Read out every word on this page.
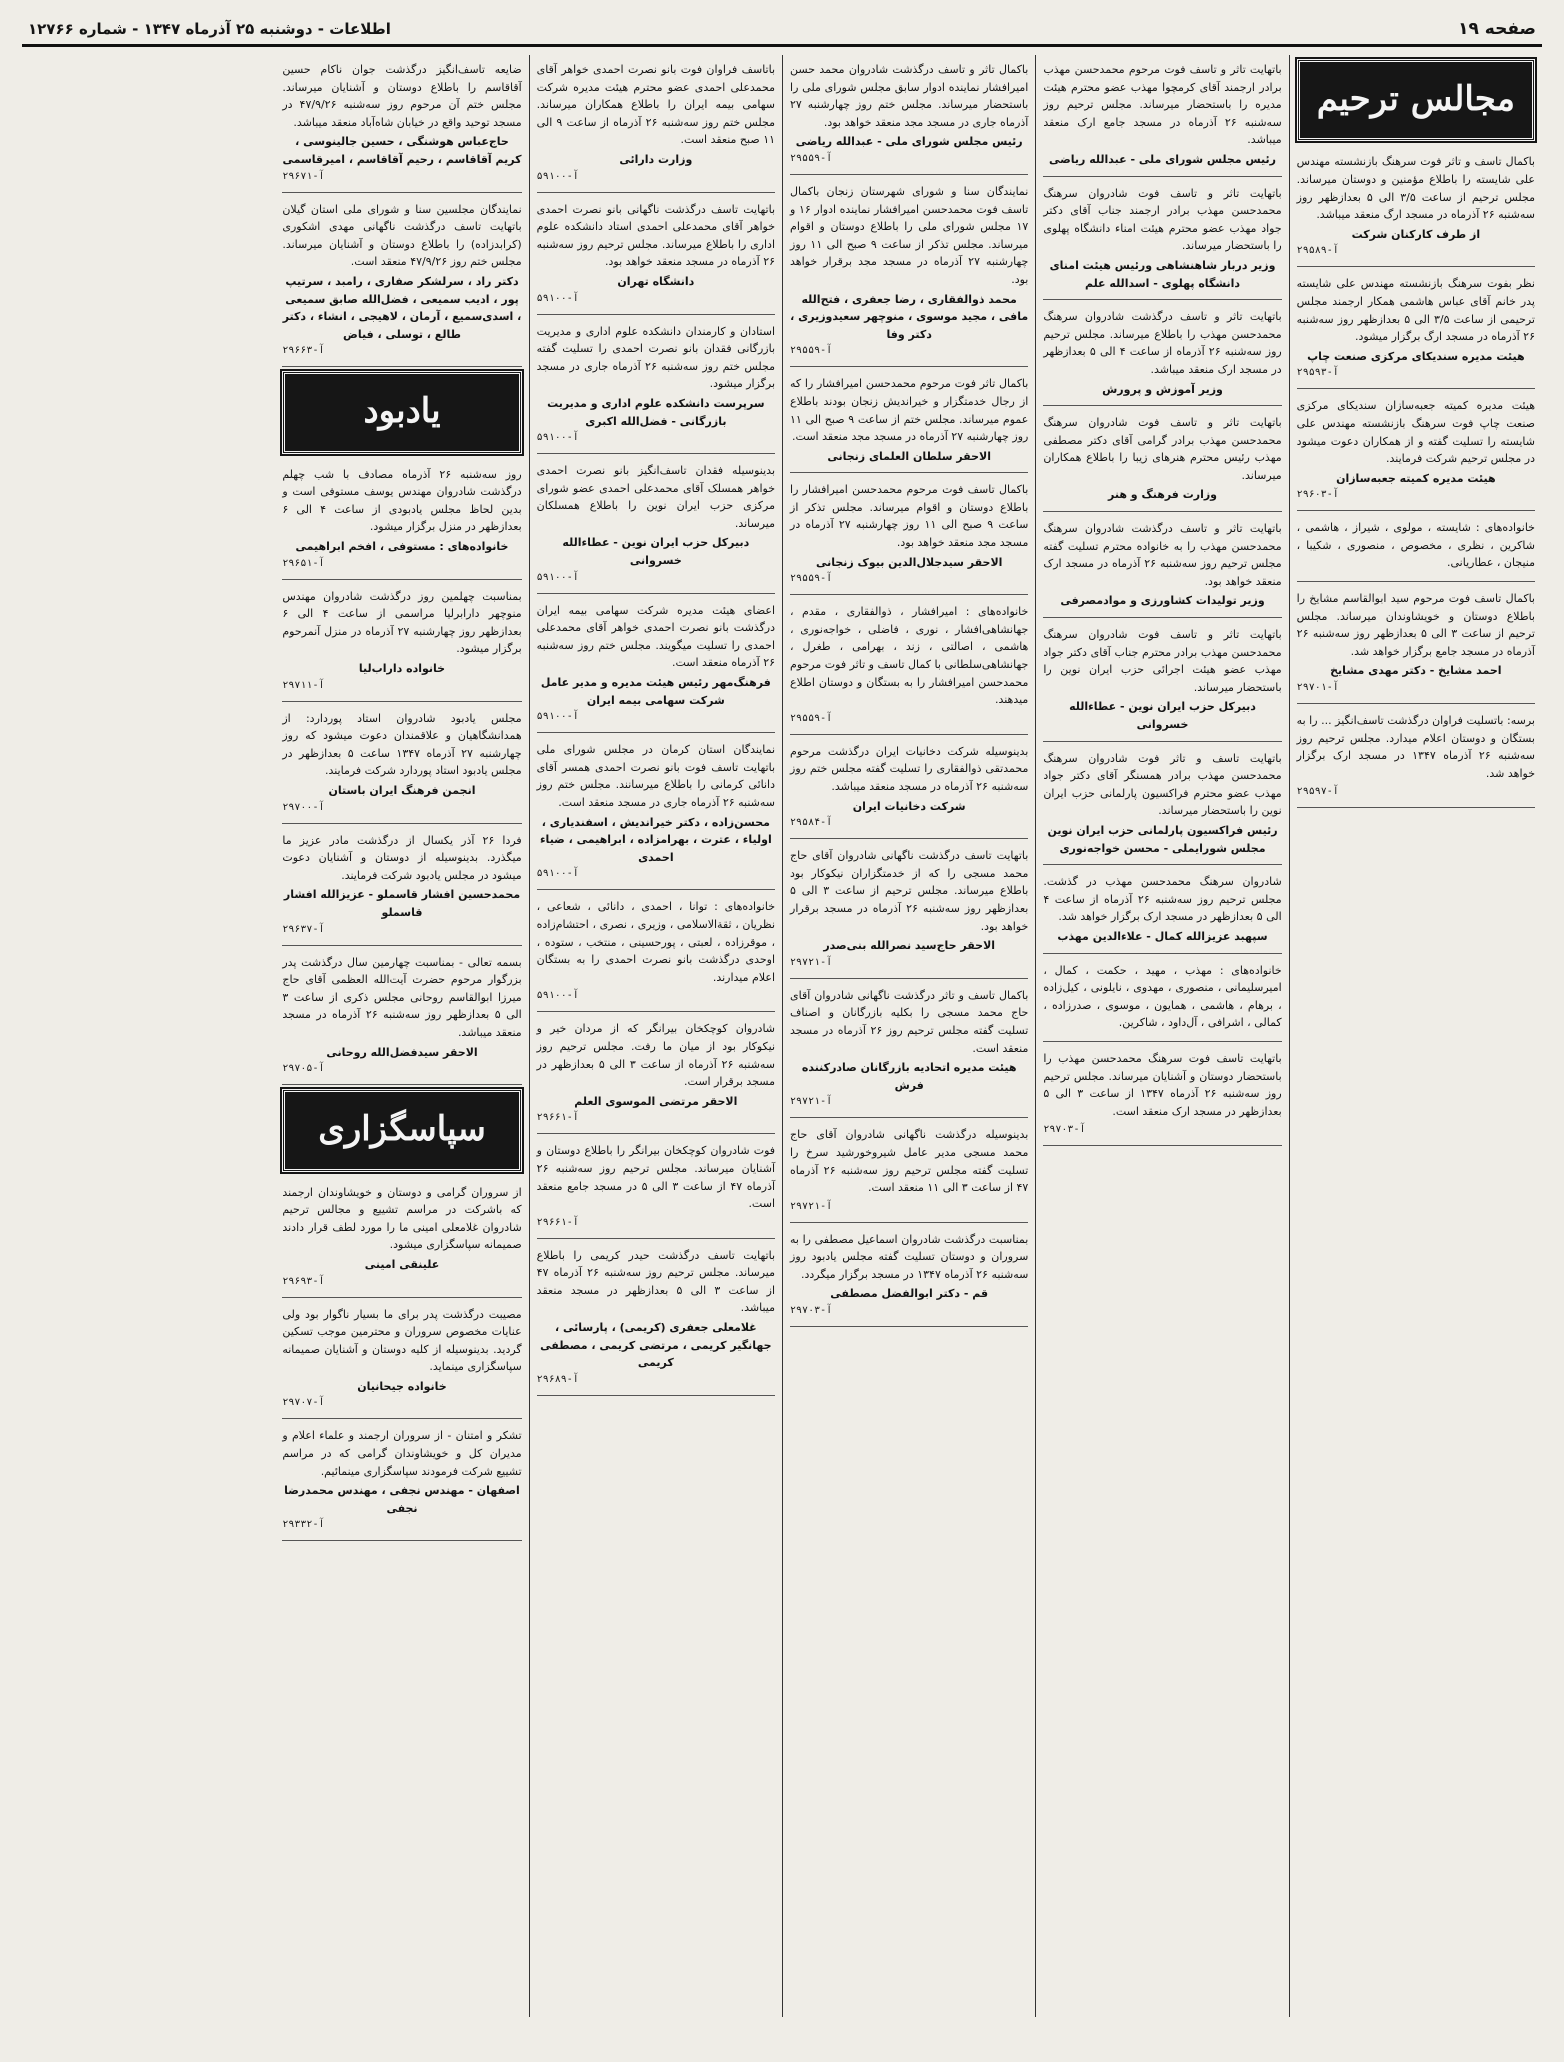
صفحه ۱۹
اطلاعات - دوشنبه ۲۵ آذرماه ۱۳۴۷ - شماره ۱۲۷۶۶
مجالس ترحیم

باکمال تاسف و تاثر فوت سرهنگ بازنشسته مهندس علی شایسته را باطلاع مؤمنین و دوستان میرساند. مجلس ترحیم از ساعت ۳/۵ الی ۵ بعدازظهر روز سه‌شنبه ۲۶ آذرماه در مسجد ارگ منعقد میباشد.

از طرف کارکنان شرکت
آ-۲۹۵۸۹

نظر بفوت سرهنگ بازنشسته مهندس علی شایسته پدر خانم آقای عباس هاشمی همکار ارجمند مجلس ترحیمی از ساعت ۳/۵ الی ۵ بعدازظهر روز سه‌شنبه ۲۶ آذرماه در مسجد ارگ برگزار میشود.

هیئت مدیره سندیکای مرکزی صنعت چاپ
آ-۲۹۵۹۳

هیئت مدیره کمیته جعبه‌سازان سندیکای مرکزی صنعت چاپ فوت سرهنگ بازنشسته مهندس علی شایسته را تسلیت گفته و از همکاران دعوت میشود در مجلس ترحیم شرکت فرمایند.

هیئت مدیره کمیته جعبه‌سازان
آ-۲۹۶۰۳

خانواده‌های : شایسته ، مولوی ، شیراز ، هاشمی ، شاکرین ، نظری ، مخصوص ، منصوری ، شکیبا ، منیجان ، عطاریانی.

باکمال تاسف فوت مرحوم سید ابوالقاسم مشایخ را باطلاع دوستان و خویشاوندان میرساند. مجلس ترحیم از ساعت ۳ الی ۵ بعدازظهر روز سه‌شنبه ۲۶ آذرماه در مسجد جامع برگزار خواهد شد.

احمد مشایخ - دکتر مهدی مشایخ
آ-۲۹۷۰۱

برسه: باتسلیت فراوان درگذشت تاسف‌انگیز ... را به بستگان و دوستان اعلام میدارد. مجلس ترحیم روز سه‌شنبه ۲۶ آذرماه ۱۳۴۷ در مسجد ارک برگزار خواهد شد.

آ-۲۹۵۹۷

باتهایت تاثر و تاسف فوت مرحوم محمدحسن مهذب برادر ارجمند آقای کرمچوا مهذب عضو محترم هیئت مدیره را باستحضار میرساند. مجلس ترحیم روز سه‌شنبه ۲۶ آذرماه در مسجد جامع ارک منعقد میباشد.

رئیس مجلس شورای ملی - عبدالله ریاضی

باتهایت تاثر و تاسف فوت شادروان سرهنگ محمدحسن مهذب برادر ارجمند جناب آقای دکتر جواد مهذب عضو محترم هیئت امناء دانشگاه پهلوی را باستحضار میرساند.

وزیر دربار شاهنشاهی ورئیس هیئت امنای دانشگاه پهلوی - اسدالله علم

باتهایت تاثر و تاسف درگذشت شادروان سرهنگ محمدحسن مهذب را باطلاع میرساند. مجلس ترحیم روز سه‌شنبه ۲۶ آذرماه از ساعت ۴ الی ۵ بعدازظهر در مسجد ارک منعقد میباشد.

وزیر آموزش و پرورش

باتهایت تاثر و تاسف فوت شادروان سرهنگ محمدحسن مهذب برادر گرامی آقای دکتر مصطفی مهذب رئیس محترم هنرهای زیبا را باطلاع همکاران میرساند.

وزارت فرهنگ و هنر

باتهایت تاثر و تاسف درگذشت شادروان سرهنگ محمدحسن مهذب را به خانواده محترم تسلیت گفته مجلس ترحیم روز سه‌شنبه ۲۶ آذرماه در مسجد ارک منعقد خواهد بود.

وزیر تولیدات کشاورزی و موادمصرفی

باتهایت تاثر و تاسف فوت شادروان سرهنگ محمدحسن مهذب برادر محترم جناب آقای دکتر جواد مهذب عضو هیئت اجرائی حزب ایران نوین را باستحضار میرساند.

دبیرکل حزب ایران نوین - عطاءالله خسروانی

باتهایت تاسف و تاثر فوت شادروان سرهنگ محمدحسن مهذب برادر همسنگر آقای دکتر جواد مهذب عضو محترم فراکسیون پارلمانی حزب ایران نوین را باستحضار میرساند.

رئیس فراکسیون پارلمانی حزب ایران نوین مجلس شورایملی - محسن خواجه‌نوری

شادروان سرهنگ محمدحسن مهذب در گذشت. مجلس ترحیم روز سه‌شنبه ۲۶ آذرماه از ساعت ۴ الی ۵ بعدازظهر در مسجد ارک برگزار خواهد شد.

سپهبد عزیزالله کمال - علاءالدین مهذب

خانواده‌های : مهذب ، مهید ، حکمت ، کمال ، امیرسلیمانی ، منصوری ، مهدوی ، نایلونی ، کیل‌زاده ، برهام ، هاشمی ، همایون ، موسوی ، صدرزاده ، کمالی ، اشرافی ، آل‌داود ، شاکرین.

باتهایت تاسف فوت سرهنگ محمدحسن مهذب را باستحضار دوستان و آشنایان میرساند. مجلس ترحیم روز سه‌شنبه ۲۶ آذرماه ۱۳۴۷ از ساعت ۳ الی ۵ بعدازظهر در مسجد ارک منعقد است.

آ-۲۹۷۰۳

باکمال تاثر و تاسف درگذشت شادروان محمد حسن امیرافشار نماینده ادوار سابق مجلس شورای ملی را باستحضار میرساند. مجلس ختم روز چهارشنبه ۲۷ آذرماه جاری در مسجد مجد منعقد خواهد بود.

رئیس مجلس شورای ملی - عبدالله ریاضی
آ-۲۹۵۵۹

نمایندگان سنا و شورای شهرستان زنجان باکمال تاسف فوت محمدحسن امیرافشار نماینده ادوار ۱۶ و ۱۷ مجلس شورای ملی را باطلاع دوستان و اقوام میرساند. مجلس تذکر از ساعت ۹ صبح الی ۱۱ روز چهارشنبه ۲۷ آذرماه در مسجد مجد برقرار خواهد بود.

محمد ذوالفقاری ، رضا جعفری ، فتح‌الله مافی ، مجید موسوی ، منوچهر سعیدوزیری ، دکتر وفا
آ-۲۹۵۵۹

باکمال تاثر فوت مرحوم محمدحسن امیرافشار را که از رجال خدمتگزار و خیراندیش زنجان بودند باطلاع عموم میرساند. مجلس ختم از ساعت ۹ صبح الی ۱۱ روز چهارشنبه ۲۷ آذرماه در مسجد مجد منعقد است.

الاحقر سلطان العلمای زنجانی

باکمال تاسف فوت مرحوم محمدحسن امیرافشار را باطلاع دوستان و اقوام میرساند. مجلس تذکر از ساعت ۹ صبح الی ۱۱ روز چهارشنبه ۲۷ آذرماه در مسجد مجد منعقد خواهد بود.

الاحقر سیدجلال‌الدین بیوک زنجانی
آ-۲۹۵۵۹

خانواده‌های : امیرافشار ، ذوالفقاری ، مقدم ، جهانشاهی‌افشار ، نوری ، فاضلی ، خواجه‌نوری ، هاشمی ، اصالتی ، زند ، بهرامی ، طغرل ، جهانشاهی‌سلطانی با کمال تاسف و تاثر فوت مرحوم محمدحسن امیرافشار را به بستگان و دوستان اطلاع میدهند.

آ-۲۹۵۵۹

بدینوسیله شرکت دخانیات ایران درگذشت مرحوم محمدتقی ذوالفقاری را تسلیت گفته مجلس ختم روز سه‌شنبه ۲۶ آذرماه در مسجد منعقد میباشد.

شرکت دخانیات ایران
آ-۲۹۵۸۴

باتهایت تاسف درگذشت ناگهانی شادروان آقای حاج محمد مسجی را که از خدمتگزاران نیکوکار بود باطلاع میرساند. مجلس ترحیم از ساعت ۳ الی ۵ بعدازظهر روز سه‌شنبه ۲۶ آذرماه در مسجد برقرار خواهد بود.

الاحقر حاج‌سید نصرالله بنی‌صدر
آ-۲۹۷۲۱

باکمال تاسف و تاثر درگذشت ناگهانی شادروان آقای حاج محمد مسجی را بکلیه بازرگانان و اصناف تسلیت گفته مجلس ترحیم روز ۲۶ آذرماه در مسجد منعقد است.

هیئت مدیره اتحادیه بازرگانان صادرکننده فرش
آ-۲۹۷۲۱

بدینوسیله درگذشت ناگهانی شادروان آقای حاج محمد مسجی مدیر عامل شیروخورشید سرخ را تسلیت گفته مجلس ترحیم روز سه‌شنبه ۲۶ آذرماه ۴۷ از ساعت ۳ الی ۱۱ منعقد است.

آ-۲۹۷۲۱

بمناسبت درگذشت شادروان اسماعیل مصطفی را به سروران و دوستان تسلیت گفته مجلس یادبود روز سه‌شنبه ۲۶ آذرماه ۱۳۴۷ در مسجد برگزار میگردد.

قم - دکتر ابوالفضل مصطفی
آ-۲۹۷۰۳

باتاسف فراوان فوت بانو نصرت احمدی خواهر آقای محمدعلی احمدی عضو محترم هیئت مدیره شرکت سهامی بیمه ایران را باطلاع همکاران میرساند. مجلس ختم روز سه‌شنبه ۲۶ آذرماه از ساعت ۹ الی ۱۱ صبح منعقد است.

وزارت دارائی
آ-۵۹۱۰۰

باتهایت تاسف درگذشت ناگهانی بانو نصرت احمدی خواهر آقای محمدعلی احمدی استاد دانشکده علوم اداری را باطلاع میرساند. مجلس ترحیم روز سه‌شنبه ۲۶ آذرماه در مسجد منعقد خواهد بود.

دانشگاه تهران
آ-۵۹۱۰۰

استادان و کارمندان دانشکده علوم اداری و مدیریت بازرگانی فقدان بانو نصرت احمدی را تسلیت گفته مجلس ختم روز سه‌شنبه ۲۶ آذرماه جاری در مسجد برگزار میشود.

سرپرست دانشکده علوم اداری و مدیریت بازرگانی - فضل‌الله اکبری
آ-۵۹۱۰۰

بدینوسیله فقدان تاسف‌انگیز بانو نصرت احمدی خواهر همسلک آقای محمدعلی احمدی عضو شورای مرکزی حزب ایران نوین را باطلاع همسلکان میرساند.

دبیرکل حزب ایران نوین - عطاءالله خسروانی
آ-۵۹۱۰۰

اعضای هیئت مدیره شرکت سهامی بیمه ایران درگذشت بانو نصرت احمدی خواهر آقای محمدعلی احمدی را تسلیت میگویند. مجلس ختم روز سه‌شنبه ۲۶ آذرماه منعقد است.

فرهنگ‌مهر رئیس هیئت مدیره و مدیر عامل شرکت سهامی بیمه ایران
آ-۵۹۱۰۰

نمایندگان استان کرمان در مجلس شورای ملی باتهایت تاسف فوت بانو نصرت احمدی همسر آقای دانائی کرمانی را باطلاع میرسانند. مجلس ختم روز سه‌شنبه ۲۶ آذرماه جاری در مسجد منعقد است.

محسن‌زاده ، دکتر خیراندیش ، اسفندیاری ، اولیاء ، عترت ، بهرامزاده ، ابراهیمی ، ضیاء احمدی
آ-۵۹۱۰۰

خانواده‌های : توانا ، احمدی ، دانائی ، شعاعی ، نظریان ، ثقةالاسلامی ، وزیری ، نصری ، احتشام‌زاده ، موقرزاده ، لعبتی ، پورحسینی ، منتخب ، ستوده ، اوحدی درگذشت بانو نصرت احمدی را به بستگان اعلام میدارند.

آ-۵۹۱۰۰

شادروان کوچکخان بیرانگر که از مردان خیر و نیکوکار بود از میان ما رفت. مجلس ترحیم روز سه‌شنبه ۲۶ آذرماه از ساعت ۳ الی ۵ بعدازظهر در مسجد برقرار است.

الاحقر مرتضی الموسوی العلم
آ-۲۹۶۶۱

فوت شادروان کوچکخان بیرانگر را باطلاع دوستان و آشنایان میرساند. مجلس ترحیم روز سه‌شنبه ۲۶ آذرماه ۴۷ از ساعت ۳ الی ۵ در مسجد جامع منعقد است.

آ-۲۹۶۶۱

باتهایت تاسف درگذشت حیدر کریمی را باطلاع میرساند. مجلس ترحیم روز سه‌شنبه ۲۶ آذرماه ۴۷ از ساعت ۳ الی ۵ بعدازظهر در مسجد منعقد میباشد.

غلامعلی جعفری (کریمی) ، پارسائی ، جهانگیر کریمی ، مرتضی کریمی ، مصطفی کریمی
آ-۲۹۶۸۹

ضایعه تاسف‌انگیز درگذشت جوان ناکام حسین آقاقاسم را باطلاع دوستان و آشنایان میرساند. مجلس ختم آن مرحوم روز سه‌شنبه ۴۷/۹/۲۶ در مسجد توحید واقع در خیابان شاه‌آباد منعقد میباشد.

حاج‌عباس هوشنگی ، حسین جالینوسی ، کریم آقاقاسم ، رحیم آقاقاسم ، امیرقاسمی
آ-۲۹۶۷۱

نمایندگان مجلسین سنا و شورای ملی استان گیلان باتهایت تاسف درگذشت ناگهانی مهدی اشکوری (کرابدزاده) را باطلاع دوستان و آشنایان میرساند. مجلس ختم روز ۴۷/۹/۲۶ منعقد است.

دکتر راد ، سرلشکر صفاری ، رامبد ، سرتیپ پور ، ادیب سمیعی ، فضل‌الله صابق سمیعی ، اسدی‌سمیع ، آرمان ، لاهیجی ، انشاء ، دکتر طالع ، توسلی ، فیاض
آ-۲۹۶۶۳
یادبود

روز سه‌شنبه ۲۶ آذرماه مصادف با شب چهلم درگذشت شادروان مهندس یوسف مستوفی است و بدین لحاظ مجلس یادبودی از ساعت ۴ الی ۶ بعدازظهر در منزل برگزار میشود.

خانواده‌های : مستوفی ، افخم ابراهیمی
آ-۲۹۶۵۱

بمناسبت چهلمین روز درگذشت شادروان مهندس منوچهر دارابرلیا مراسمی از ساعت ۴ الی ۶ بعدازظهر روز چهارشنبه ۲۷ آذرماه در منزل آنمرحوم برگزار میشود.

خانواده داراب‌لیا
آ-۲۹۷۱۱

مجلس یادبود شادروان استاد پوردارد: از همدانشگاهیان و علاقمندان دعوت میشود که روز چهارشنبه ۲۷ آذرماه ۱۳۴۷ ساعت ۵ بعدازظهر در مجلس یادبود استاد پوردارد شرکت فرمایند.

انجمن فرهنگ ایران باستان
آ-۲۹۷۰۰

فردا ۲۶ آذر یکسال از درگذشت مادر عزیز ما میگذرد. بدینوسیله از دوستان و آشنایان دعوت میشود در مجلس یادبود شرکت فرمایند.

محمدحسین افشار قاسملو - عزیزالله افشار قاسملو
آ-۲۹۶۳۷

بسمه تعالی - بمناسبت چهارمین سال درگذشت پدر بزرگوار مرحوم حضرت آیت‌الله العظمی آقای حاج میرزا ابوالقاسم روحانی مجلس ذکری از ساعت ۳ الی ۵ بعدازظهر روز سه‌شنبه ۲۶ آذرماه در مسجد منعقد میباشد.

الاحقر سیدفضل‌الله روحانی
آ-۲۹۷۰۵
سپاسگزاری

از سروران گرامی و دوستان و خویشاوندان ارجمند که باشرکت در مراسم تشییع و مجالس ترحیم شادروان غلامعلی امینی ما را مورد لطف قرار دادند صمیمانه سپاسگزاری میشود.

علینقی امینی
آ-۲۹۶۹۳

مصیبت درگذشت پدر برای ما بسیار ناگوار بود ولی عنایات مخصوص سروران و محترمین موجب تسکین گردید. بدینوسیله از کلیه دوستان و آشنایان صمیمانه سپاسگزاری مینماید.

خانواده جیحانیان
آ-۲۹۷۰۷

تشکر و امتنان - از سروران ارجمند و علماء اعلام و مدیران کل و خویشاوندان گرامی که در مراسم تشییع شرکت فرمودند سپاسگزاری مینمائیم.

اصفهان - مهندس نجفی ، مهندس محمدرضا نجفی
آ-۲۹۳۳۲
